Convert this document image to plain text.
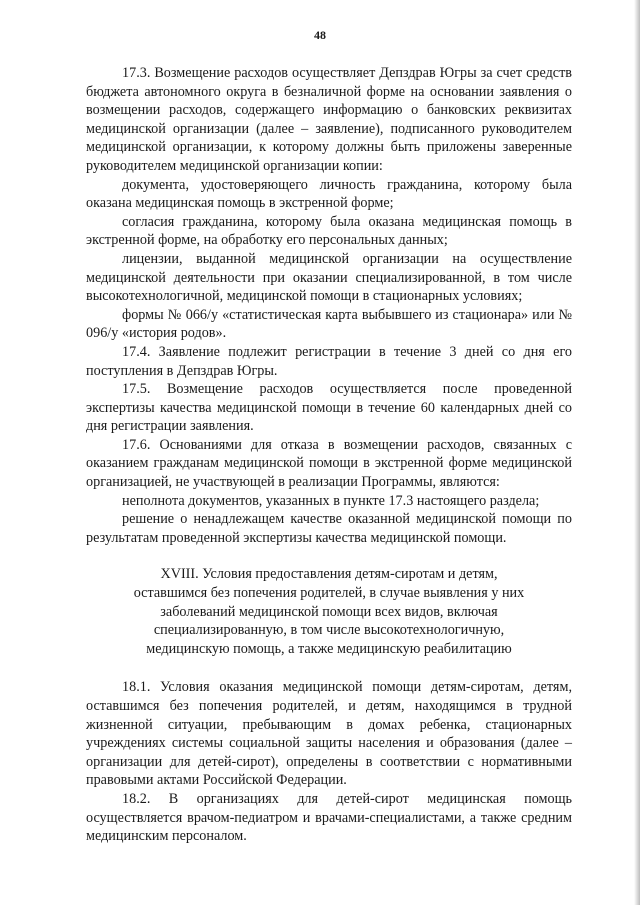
48

17.3. Возмещение расходов осуществляет Депздрав Югры за счет средств бюджета автономного округа в безналичной форме на основании заявления о возмещении расходов, содержащего информацию о банковских реквизитах медицинской организации (далее – заявление), подписанного руководителем медицинской организации, к которому должны быть приложены заверенные руководителем медицинской организации копии:

документа, удостоверяющего личность гражданина, которому была оказана медицинская помощь в экстренной форме;

согласия гражданина, которому была оказана медицинская помощь в экстренной форме, на обработку его персональных данных;

лицензии, выданной медицинской организации на осуществление медицинской деятельности при оказании специализированной, в том числе высокотехнологичной, медицинской помощи в стационарных условиях;

формы № 066/у «статистическая карта выбывшего из стационара» или № 096/у «история родов».

17.4. Заявление подлежит регистрации в течение 3 дней со дня его поступления в Депздрав Югры.

17.5. Возмещение расходов осуществляется после проведенной экспертизы качества медицинской помощи в течение 60 календарных дней со дня регистрации заявления.

17.6. Основаниями для отказа в возмещении расходов, связанных с оказанием гражданам медицинской помощи в экстренной форме медицинской организацией, не участвующей в реализации Программы, являются:

неполнота документов, указанных в пункте 17.3 настоящего раздела;

решение о ненадлежащем качестве оказанной медицинской помощи по результатам проведенной экспертизы качества медицинской помощи.

XVIII. Условия предоставления детям-сиротам и детям,
оставшимся без попечения родителей, в случае выявления у них
заболеваний медицинской помощи всех видов, включая
специализированную, в том числе высокотехнологичную,
медицинскую помощь, а также медицинскую реабилитацию

18.1. Условия оказания медицинской помощи детям-сиротам, детям, оставшимся без попечения родителей, и детям, находящимся в трудной жизненной ситуации, пребывающим в домах ребенка, стационарных учреждениях системы социальной защиты населения и образования (далее – организации для детей-сирот), определены в соответствии с нормативными правовыми актами Российской Федерации.

18.2. В организациях для детей-сирот медицинская помощь осуществляется врачом-педиатром и врачами-специалистами, а также средним медицинским персоналом.
